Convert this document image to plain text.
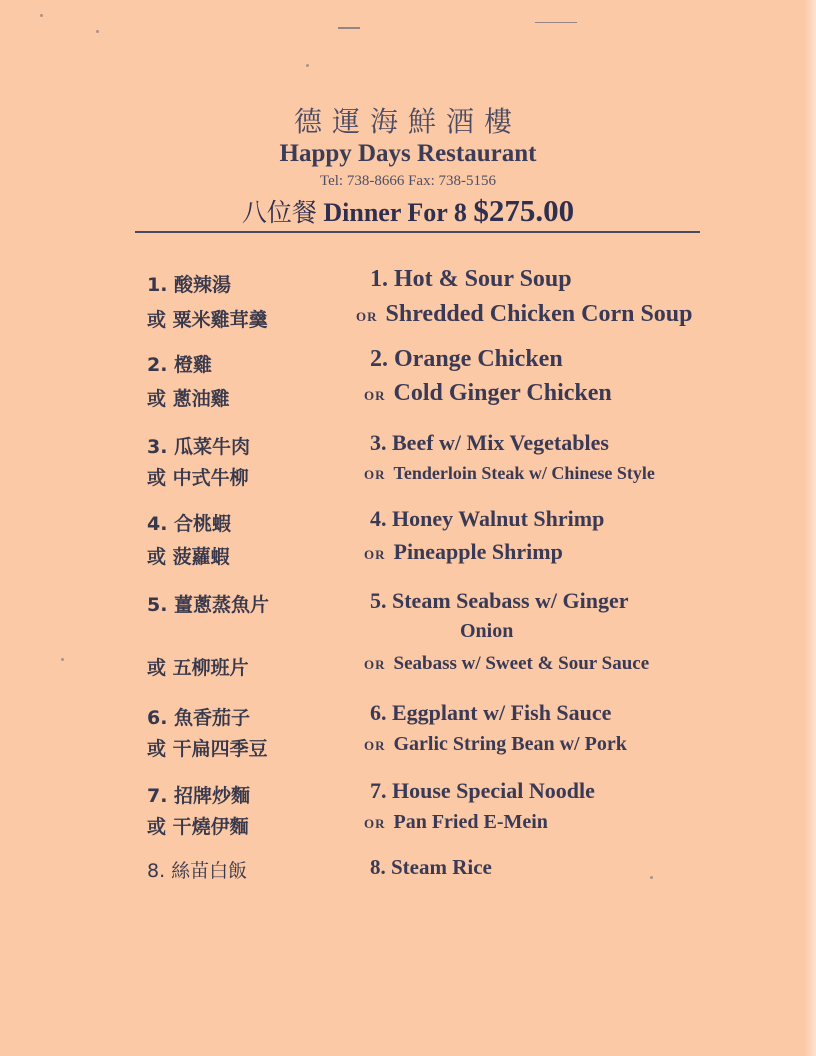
德運海鮮酒樓
Happy Days Restaurant
Tel: 738-8666 Fax: 738-5156
八位餐 Dinner For 8 $275.00
1. 酸辣湯	1. Hot & Sour Soup
或 粟米雞茸羹	OR Shredded Chicken Corn Soup
2. 橙雞	2. Orange Chicken
或 蔥油雞	OR Cold Ginger Chicken
3. 瓜菜牛肉	3. Beef w/ Mix Vegetables
或 中式牛柳	OR Tenderloin Steak w/ Chinese Style
4. 合桃蝦	4. Honey Walnut Shrimp
或 菠蘿蝦	OR Pineapple Shrimp
5. 薑蔥蒸魚片	5. Steam Seabass w/ Ginger
Onion
或 五柳班片	OR Seabass w/ Sweet & Sour Sauce
6. 魚香茄子	6. Eggplant w/ Fish Sauce
或 干扁四季豆	OR Garlic String Bean w/ Pork
7. 招牌炒麵	7. House Special Noodle
或 干燒伊麵	OR Pan Fried E-Mein
8. 絲苗白飯	8. Steam Rice
